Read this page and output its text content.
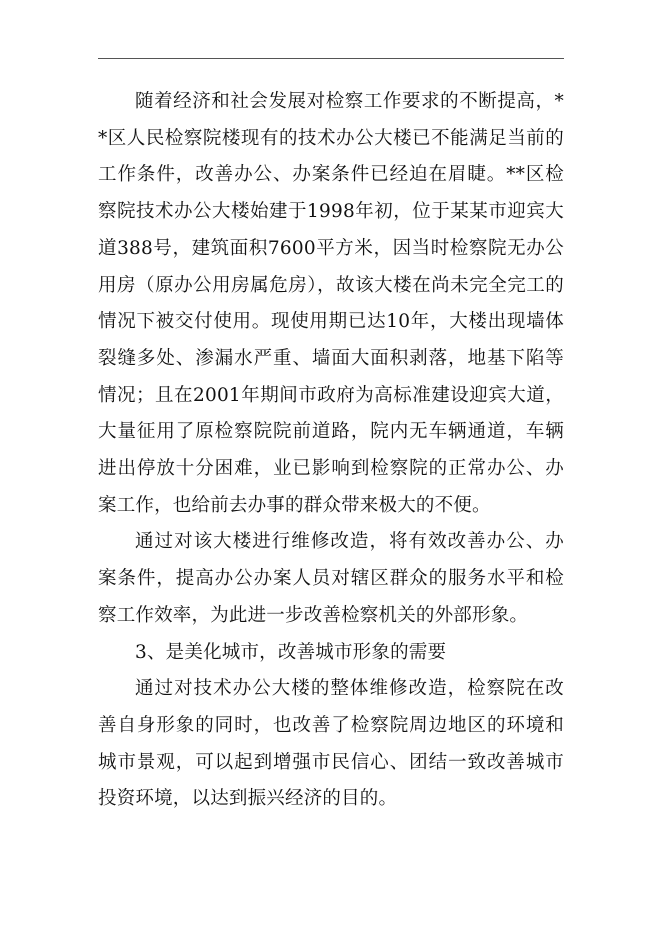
随着经济和社会发展对检察工作要求的不断提高，**区人民检察院楼现有的技术办公大楼已不能满足当前的工作条件，改善办公、办案条件已经迫在眉睫。**区检察院技术办公大楼始建于1998年初，位于某某市迎宾大道388号，建筑面积7600平方米，因当时检察院无办公用房（原办公用房属危房），故该大楼在尚未完全完工的情况下被交付使用。现使用期已达10年，大楼出现墙体裂缝多处、渗漏水严重、墙面大面积剥落，地基下陷等情况；且在2001年期间市政府为高标准建设迎宾大道，大量征用了原检察院院前道路，院内无车辆通道，车辆进出停放十分困难，业已影响到检察院的正常办公、办案工作，也给前去办事的群众带来极大的不便。

通过对该大楼进行维修改造，将有效改善办公、办案条件，提高办公办案人员对辖区群众的服务水平和检察工作效率，为此进一步改善检察机关的外部形象。

3、是美化城市，改善城市形象的需要

通过对技术办公大楼的整体维修改造，检察院在改善自身形象的同时，也改善了检察院周边地区的环境和城市景观，可以起到增强市民信心、团结一致改善城市投资环境，以达到振兴经济的目的。
